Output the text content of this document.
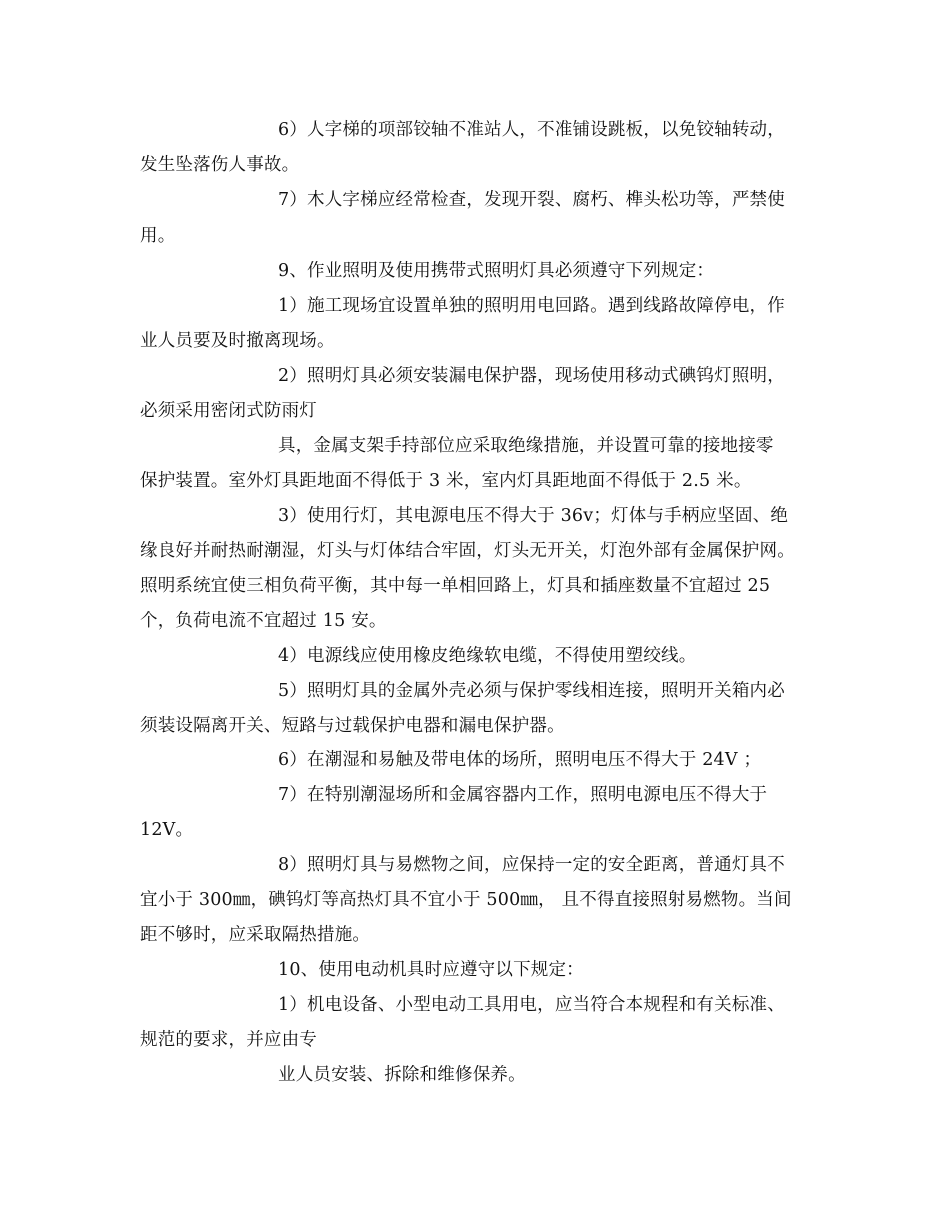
6）人字梯的项部铰轴不准站人，不准铺设跳板，以免铰轴转动，
发生坠落伤人事故。
7）木人字梯应经常检查，发现开裂、腐朽、榫头松功等，严禁使
用。
9、作业照明及使用携带式照明灯具必须遵守下列规定：
1）施工现场宜设置单独的照明用电回路。遇到线路故障停电，作
业人员要及时撤离现场。
2）照明灯具必须安装漏电保护器，现场使用移动式碘钨灯照明，
必须采用密闭式防雨灯
具，金属支架手持部位应采取绝缘措施，并设置可靠的接地接零
保护装置。室外灯具距地面不得低于 3 米，室内灯具距地面不得低于 2.5 米。
3）使用行灯，其电源电压不得大于 36v；灯体与手柄应坚固、绝
缘良好并耐热耐潮湿，灯头与灯体结合牢固，灯头无开关，灯泡外部有金属保护网。
照明系统宜使三相负荷平衡，其中每一单相回路上，灯具和插座数量不宜超过 25
个，负荷电流不宜超过 15 安。
4）电源线应使用橡皮绝缘软电缆，不得使用塑绞线。
5）照明灯具的金属外壳必须与保护零线相连接，照明开关箱内必
须装设隔离开关、短路与过载保护电器和漏电保护器。
6）在潮湿和易触及带电体的场所，照明电压不得大于 24V ；
7）在特别潮湿场所和金属容器内工作，照明电源电压不得大于
12V。
8）照明灯具与易燃物之间，应保持一定的安全距离，普通灯具不
宜小于 300㎜，碘钨灯等高热灯具不宜小于 500㎜， 且不得直接照射易燃物。当间
距不够时，应采取隔热措施。
10、使用电动机具时应遵守以下规定：
1）机电设备、小型电动工具用电，应当符合本规程和有关标准、
规范的要求，并应由专
业人员安装、拆除和维修保养。
